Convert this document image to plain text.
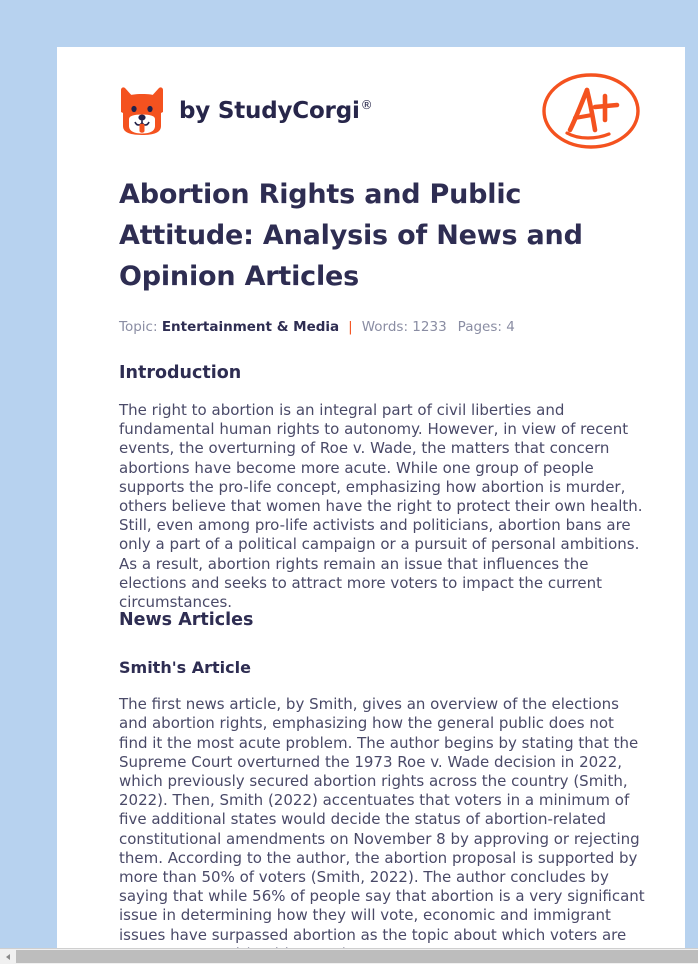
by StudyCorgi®
Abortion Rights and Public Attitude: Analysis of News and Opinion Articles
Topic:
Entertainment & Media | Words: 1233 Pages: 4
Introduction

The right to abortion is an integral part of civil liberties and fundamental human rights to autonomy. However, in view of recent events, the overturning of Roe v. Wade, the matters that concern abortions have become more acute. While one group of people supports the pro-life concept, emphasizing how abortion is murder, others believe that women have the right to protect their own health. Still, even among pro-life activists and politicians, abortion bans are only a part of a political campaign or a pursuit of personal ambitions. As a result, abortion rights remain an issue that influences the elections and seeks to attract more voters to impact the current circumstances.

News Articles
Smith's Article

The first news article, by Smith, gives an overview of the elections and abortion rights, emphasizing how the general public does not find it the most acute problem. The author begins by stating that the Supreme Court overturned the 1973 Roe v. Wade decision in 2022, which previously secured abortion rights across the country (Smith, 2022). Then, Smith (2022) accentuates that voters in a minimum of five additional states would decide the status of abortion-related constitutional amendments on November 8 by approving or rejecting them. According to the author, the abortion proposal is supported by more than 50% of voters (Smith, 2022). The author concludes by saying that while 56% of people say that abortion is a very significant issue in determining how they will vote, economic and immigrant issues have surpassed abortion as the topic about which voters are
